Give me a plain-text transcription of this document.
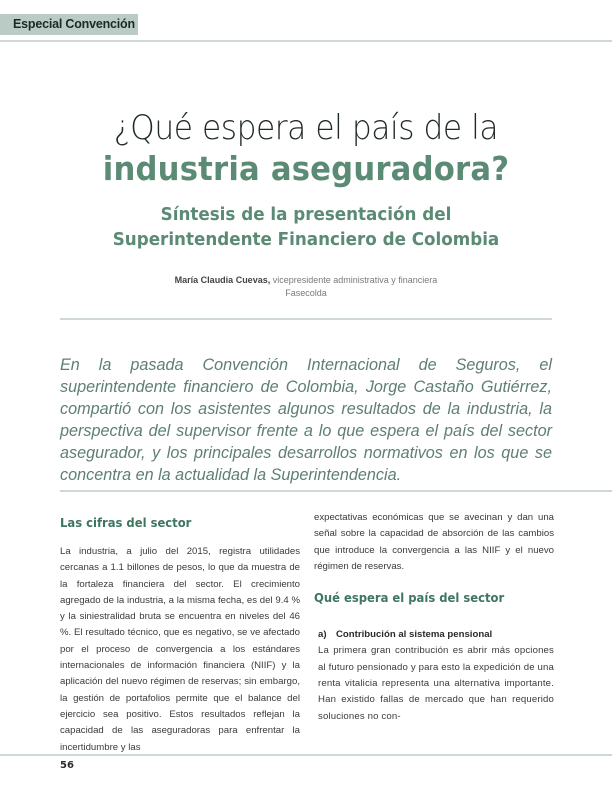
Especial Convención
¿Qué espera el país de la
industria aseguradora?
Síntesis de la presentación del
Superintendente Financiero de Colombia
María Claudia Cuevas, vicepresidente administrativa y financiera
Fasecolda

En la pasada Convención Internacional de Seguros, el superintendente financiero de Colombia, Jorge Castaño Gutiérrez, compartió con los asistentes algunos resultados de la industria, la perspectiva del supervisor frente a lo que espera el país del sector asegurador, y los principales desarrollos normativos en los que se concentra en la actualidad la Superintendencia.

Las cifras del sector

La industria, a julio del 2015, registra utilidades cercanas a 1.1 billones de pesos, lo que da muestra de la fortaleza financiera del sector. El crecimiento agregado de la industria, a la misma fecha, es del 9.4 % y la siniestralidad bruta se encuentra en niveles del 46 %. El resultado técnico, que es negativo, se ve afectado por el proceso de convergencia a los estándares internacionales de información financiera (NIIF) y la aplicación del nuevo régimen de reservas; sin embargo, la gestión de portafolios permite que el balance del ejercicio sea positivo. Estos resultados reflejan la capacidad de las aseguradoras para enfrentar la incertidumbre y las

expectativas económicas que se avecinan y dan una señal sobre la capacidad de absorción de las cambios que introduce la convergencia a las NIIF y el nuevo régimen de reservas.

Qué espera el país del sector
a) Contribución al sistema pensional

La primera gran contribución es abrir más opciones al futuro pensionado y para esto la expedición de una renta vitalicia representa una alternativa importante. Han existido fallas de mercado que han requerido soluciones no con-

56
